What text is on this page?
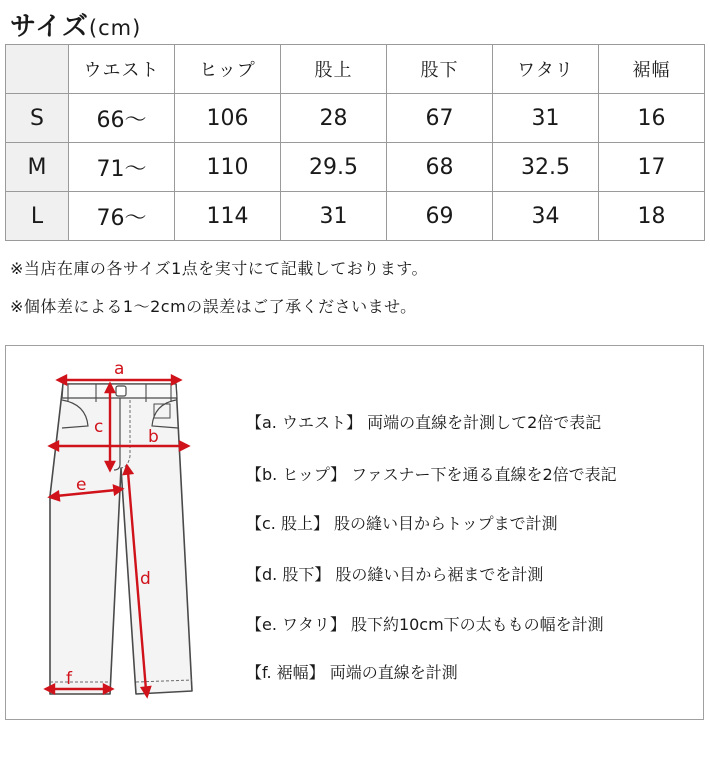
サイズ(cm)
	ウエスト	ヒップ	股上	股下	ワタリ	裾幅
S	66〜	106	28	67	31	16
M	71〜	110	29.5	68	32.5	17
L	76〜	114	31	69	34	18
※当店在庫の各サイズ1点を実寸にて記載しております。
※個体差による1〜2cmの誤差はご了承くださいませ。
a
b
c
d
e
f
【a. ウエスト】 両端の直線を計測して2倍で表記
【b. ヒップ】 ファスナー下を通る直線を2倍で表記
【c. 股上】 股の縫い目からトップまで計測
【d. 股下】 股の縫い目から裾までを計測
【e. ワタリ】 股下約10cm下の太ももの幅を計測
【f. 裾幅】 両端の直線を計測
